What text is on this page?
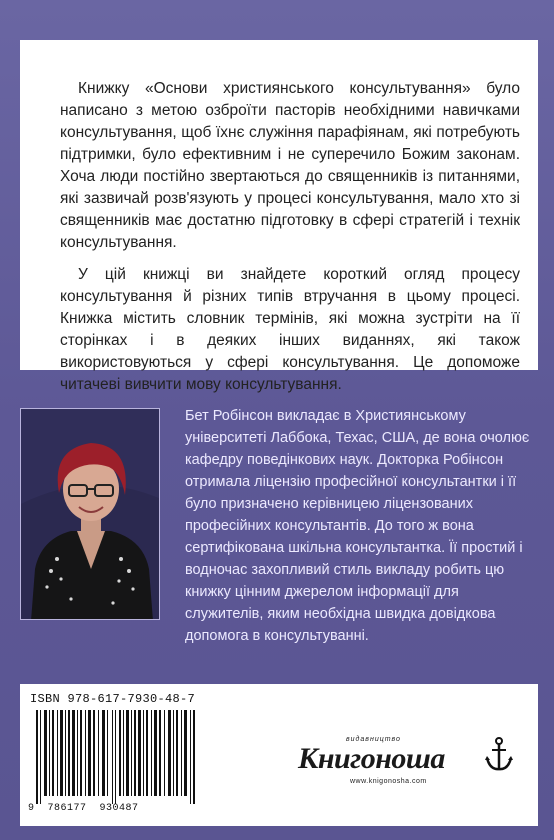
Книжку «Основи християнського консультування» було написано з метою озброїти пасторів необхідними навичками консультування, щоб їхнє служіння парафіянам, які потребують підтримки, було ефективним і не суперечило Божим законам. Хоча люди постійно звертаються до священників із питаннями, які зазвичай розв'язують у процесі консультування, мало хто зі священників має достатню підготовку в сфері стратегій і технік консультування.

У цій книжці ви знайдете короткий огляд процесу консультування й різних типів втручання в цьому процесі. Книжка містить словник термінів, які можна зустріти на її сторінках і в деяких інших виданнях, які також використовуються у сфері консультування. Це допоможе читачеві вивчити мову консультування.

Бет Робінсон викладає в Християнському університеті Лаббока, Техас, США, де вона очолює кафедру поведінкових наук. Докторка Робінсон отримала ліцензію професійної консультантки і її було призначено керівницею ліцензованих професійних консультантів. До того ж вона сертифікована шкільна консультантка. Її простий і водночас захопливий стиль викладу робить цю книжку цінним джерелом інформації для служителів, яким необхідна швидка довідкова допомога в консультуванні.
ISBN 978-617-7930-48-7
9  786177  930487
видавництво
Книгоноша
www.knigonosha.com
